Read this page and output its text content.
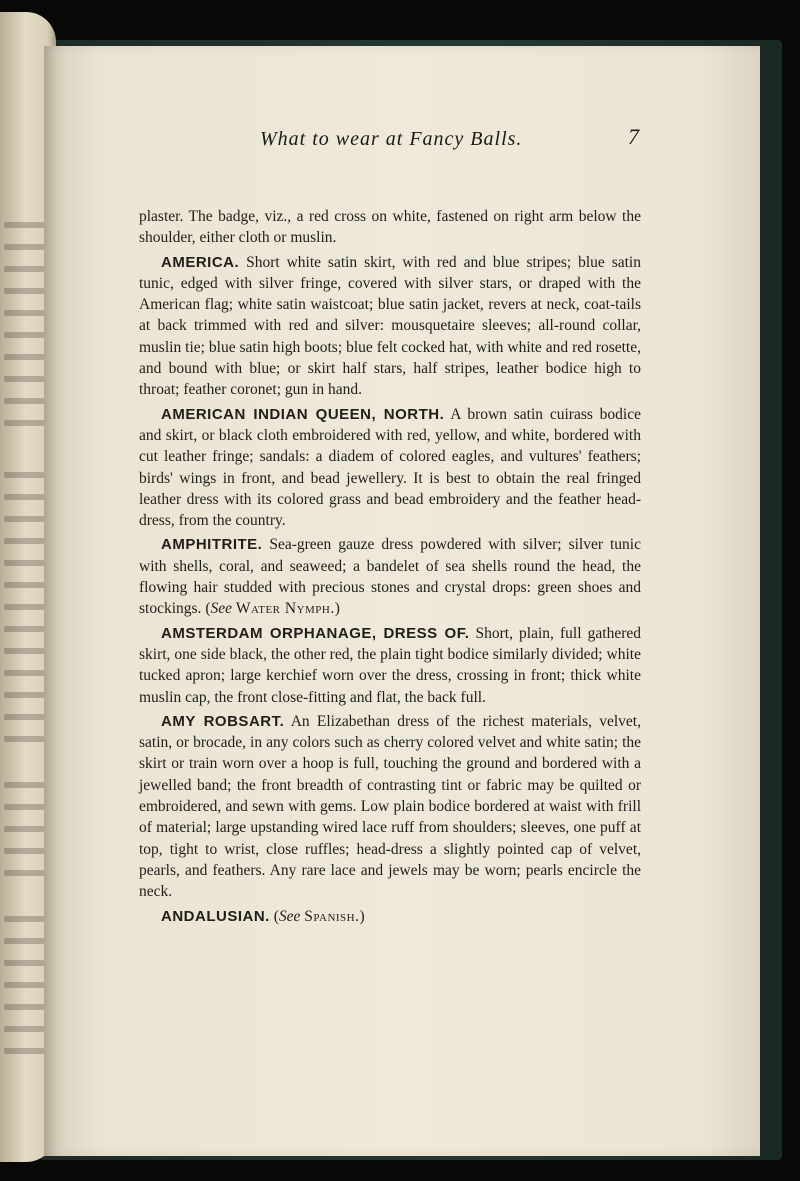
What to wear at Fancy Balls.	7

plaster. The badge, viz., a red cross on white, fastened on right arm below the shoulder, either cloth or muslin.

AMERICA. Short white satin skirt, with red and blue stripes; blue satin tunic, edged with silver fringe, covered with silver stars, or draped with the American flag; white satin waistcoat; blue satin jacket, revers at neck, coat-tails at back trimmed with red and silver: mousquetaire sleeves; all-round collar, muslin tie; blue satin high boots; blue felt cocked hat, with white and red rosette, and bound with blue; or skirt half stars, half stripes, leather bodice high to throat; feather coronet; gun in hand.

AMERICAN INDIAN QUEEN, NORTH. A brown satin cuirass bodice and skirt, or black cloth embroidered with red, yellow, and white, bordered with cut leather fringe; sandals: a diadem of colored eagles, and vultures' feathers; birds' wings in front, and bead jewellery. It is best to obtain the real fringed leather dress with its colored grass and bead embroidery and the feather head-dress, from the country.

AMPHITRITE. Sea-green gauze dress powdered with silver; silver tunic with shells, coral, and seaweed; a bandelet of sea shells round the head, the flowing hair studded with precious stones and crystal drops: green shoes and stockings. (See Water Nymph.)

AMSTERDAM ORPHANAGE, DRESS OF. Short, plain, full gathered skirt, one side black, the other red, the plain tight bodice similarly divided; white tucked apron; large kerchief worn over the dress, crossing in front; thick white muslin cap, the front close-fitting and flat, the back full.

AMY ROBSART. An Elizabethan dress of the richest materials, velvet, satin, or brocade, in any colors such as cherry colored velvet and white satin; the skirt or train worn over a hoop is full, touching the ground and bordered with a jewelled band; the front breadth of contrasting tint or fabric may be quilted or embroidered, and sewn with gems. Low plain bodice bordered at waist with frill of material; large upstanding wired lace ruff from shoulders; sleeves, one puff at top, tight to wrist, close ruffles; head-dress a slightly pointed cap of velvet, pearls, and feathers. Any rare lace and jewels may be worn; pearls encircle the neck.

ANDALUSIAN. (See Spanish.)
